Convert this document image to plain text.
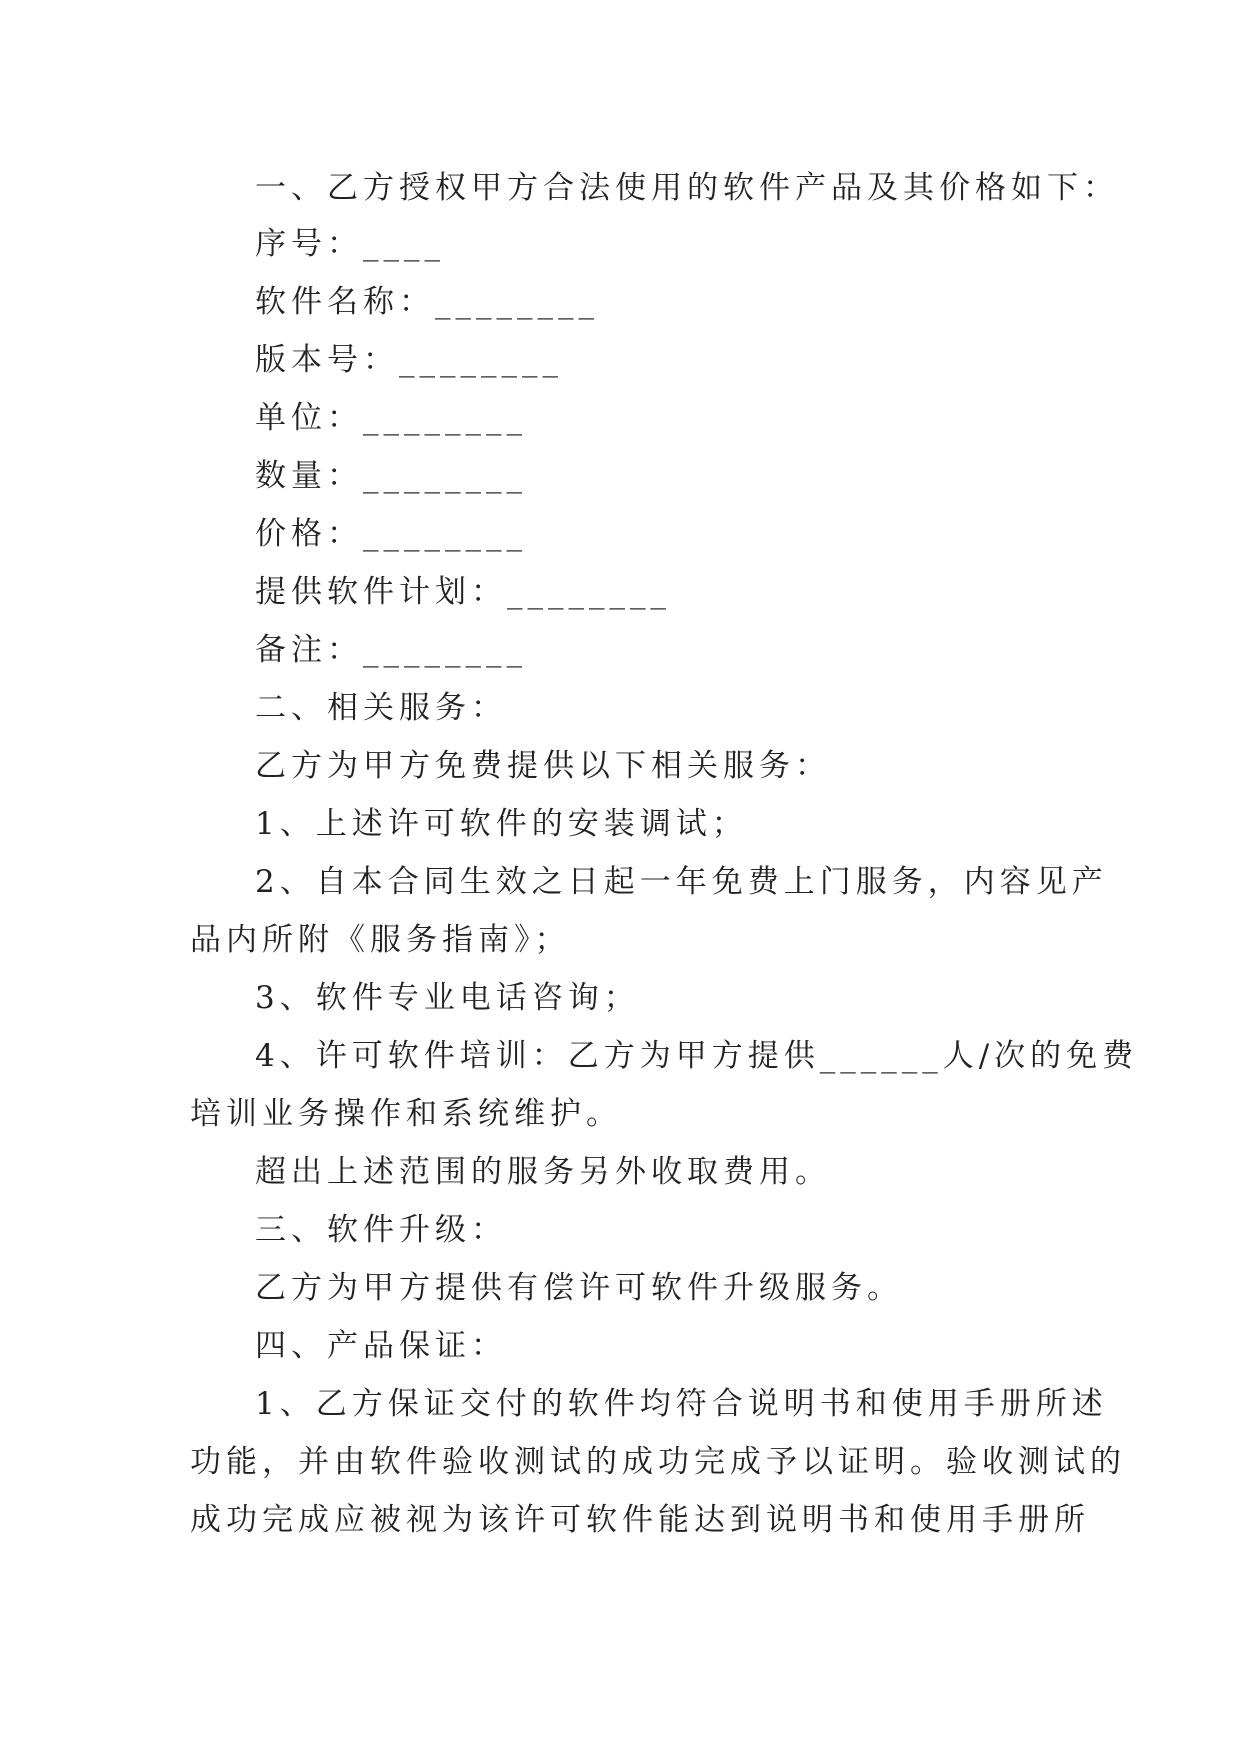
一、乙方授权甲方合法使用的软件产品及其价格如下：
序号：____
软件名称：________
版本号：________
单位：________
数量：________
价格：________
提供软件计划：________
备注：________
二、相关服务：
乙方为甲方免费提供以下相关服务：
1、上述许可软件的安装调试；
2、自本合同生效之日起一年免费上门服务，内容见产
品内所附《服务指南》；
3、软件专业电话咨询；
4、许可软件培训：乙方为甲方提供______人/次的免费
培训业务操作和系统维护。
超出上述范围的服务另外收取费用。
三、软件升级：
乙方为甲方提供有偿许可软件升级服务。
四、产品保证：
1、乙方保证交付的软件均符合说明书和使用手册所述
功能，并由软件验收测试的成功完成予以证明。验收测试的
成功完成应被视为该许可软件能达到说明书和使用手册所
